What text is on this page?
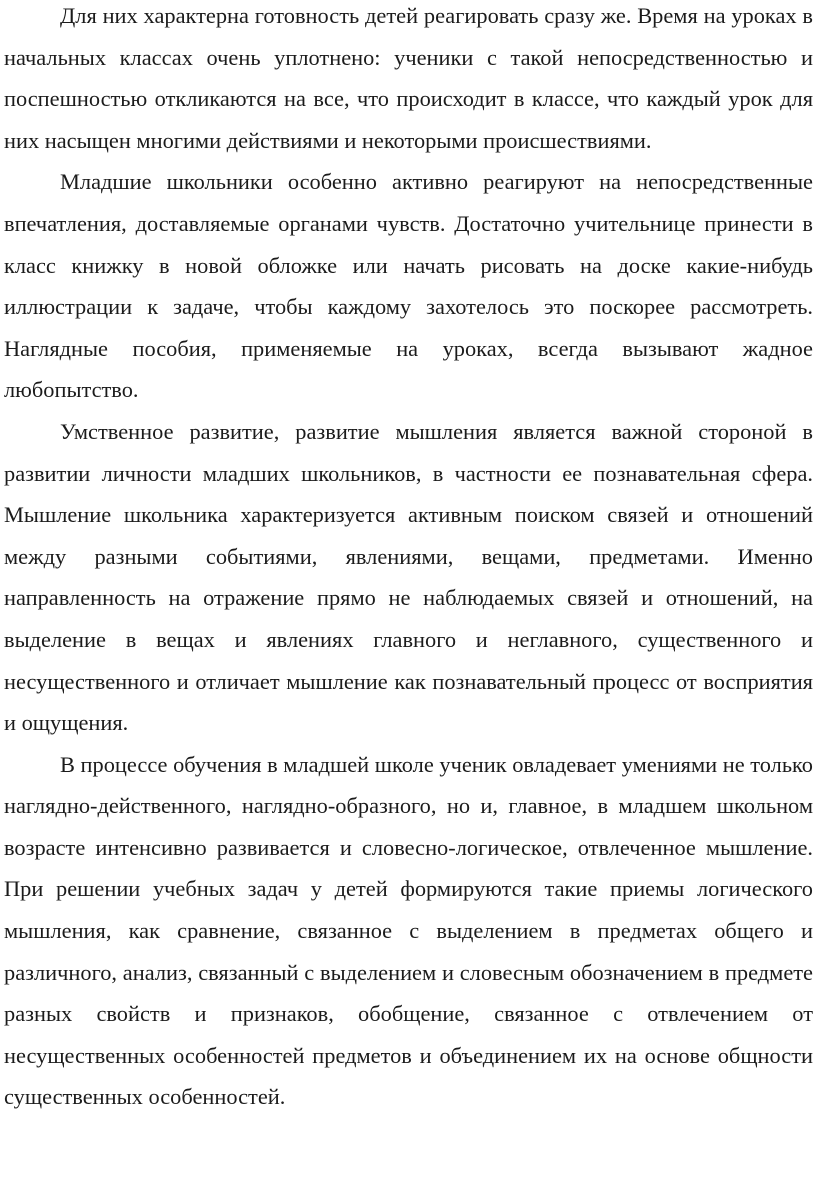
Для них характерна готовность детей реагировать сразу же. Время на уроках в начальных классах очень уплотнено: ученики с такой непосредственностью и поспешностью откликаются на все, что происходит в классе, что каждый урок для них насыщен многими действиями и некоторыми происшествиями.

Младшие школьники особенно активно реагируют на непосредственные впечатления, доставляемые органами чувств. Достаточно учительнице принести в класс книжку в новой обложке или начать рисовать на доске какие-нибудь иллюстрации к задаче, чтобы каждому захотелось это поскорее рассмотреть. Наглядные пособия, применяемые на уроках, всегда вызывают жадное любопытство.

Умственное развитие, развитие мышления является важной стороной в развитии личности младших школьников, в частности ее познавательная сфера. Мышление школьника характеризуется активным поиском связей и отношений между разными событиями, явлениями, вещами, предметами. Именно направленность на отражение прямо не наблюдаемых связей и отношений, на выделение в вещах и явлениях главного и неглавного, существенного и несущественного и отличает мышление как познавательный процесс от восприятия и ощущения.

В процессе обучения в младшей школе ученик овладевает умениями не только наглядно-действенного, наглядно-образного, но и, главное, в младшем школьном возрасте интенсивно развивается и словесно-логическое, отвлеченное мышление. При решении учебных задач у детей формируются такие приемы логического мышления, как сравнение, связанное с выделением в предметах общего и различного, анализ, связанный с выделением и словесным обозначением в предмете разных свойств и признаков, обобщение, связанное с отвлечением от несущественных особенностей предметов и объединением их на основе общности существенных особенностей.
